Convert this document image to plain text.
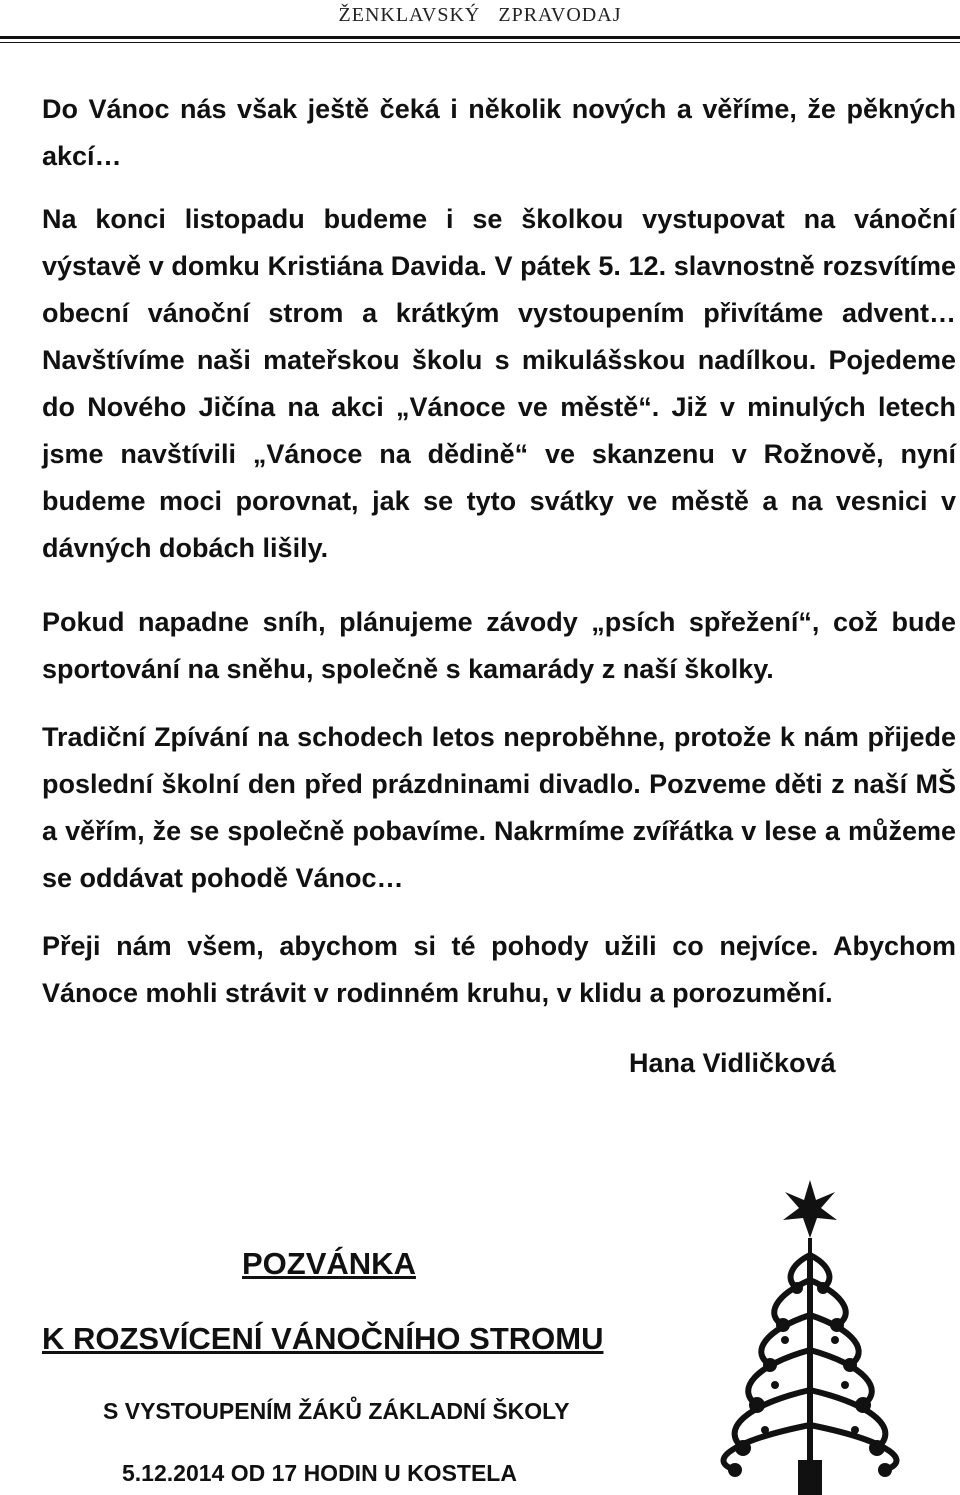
ŽENKLAVSKÝ ZPRAVODAJ
Do Vánoc nás však ještě čeká i několik nových a věříme, že pěkných akcí…
Na konci listopadu budeme i se školkou vystupovat na vánoční výstavě v domku Kristiána Davida. V pátek 5. 12. slavnostně rozsvítíme obecní vánoční strom a krátkým vystoupením přivítáme advent… Navštívíme naši mateřskou školu s mikulášskou nadílkou. Pojedeme do Nového Jičína na akci „Vánoce ve městě“. Již v minulých letech jsme navštívili „Vánoce na dědině“ ve skanzenu v Rožnově, nyní budeme moci porovnat, jak se tyto svátky ve městě a na vesnici v dávných dobách lišily.
Pokud napadne sníh, plánujeme závody „psích spřežení“, což bude sportování na sněhu, společně s kamarády z naší školky.
Tradiční Zpívání na schodech letos neproběhne, protože k nám přijede poslední školní den před prázdninami divadlo. Pozveme děti z naší MŠ a věřím, že se společně pobavíme. Nakrmíme zvířátka v lese a můžeme se oddávat pohodě Vánoc…
Přeji nám všem, abychom si té pohody užili co nejvíce. Abychom Vánoce mohli strávit v rodinném kruhu, v klidu a porozumění.
Hana Vidličková
POZVÁNKA
K ROZSVÍCENÍ VÁNOČNÍHO STROMU
S VYSTOUPENÍM ŽÁKŮ ZÁKLADNÍ ŠKOLY
5.12.2014 OD 17 HODIN U KOSTELA
